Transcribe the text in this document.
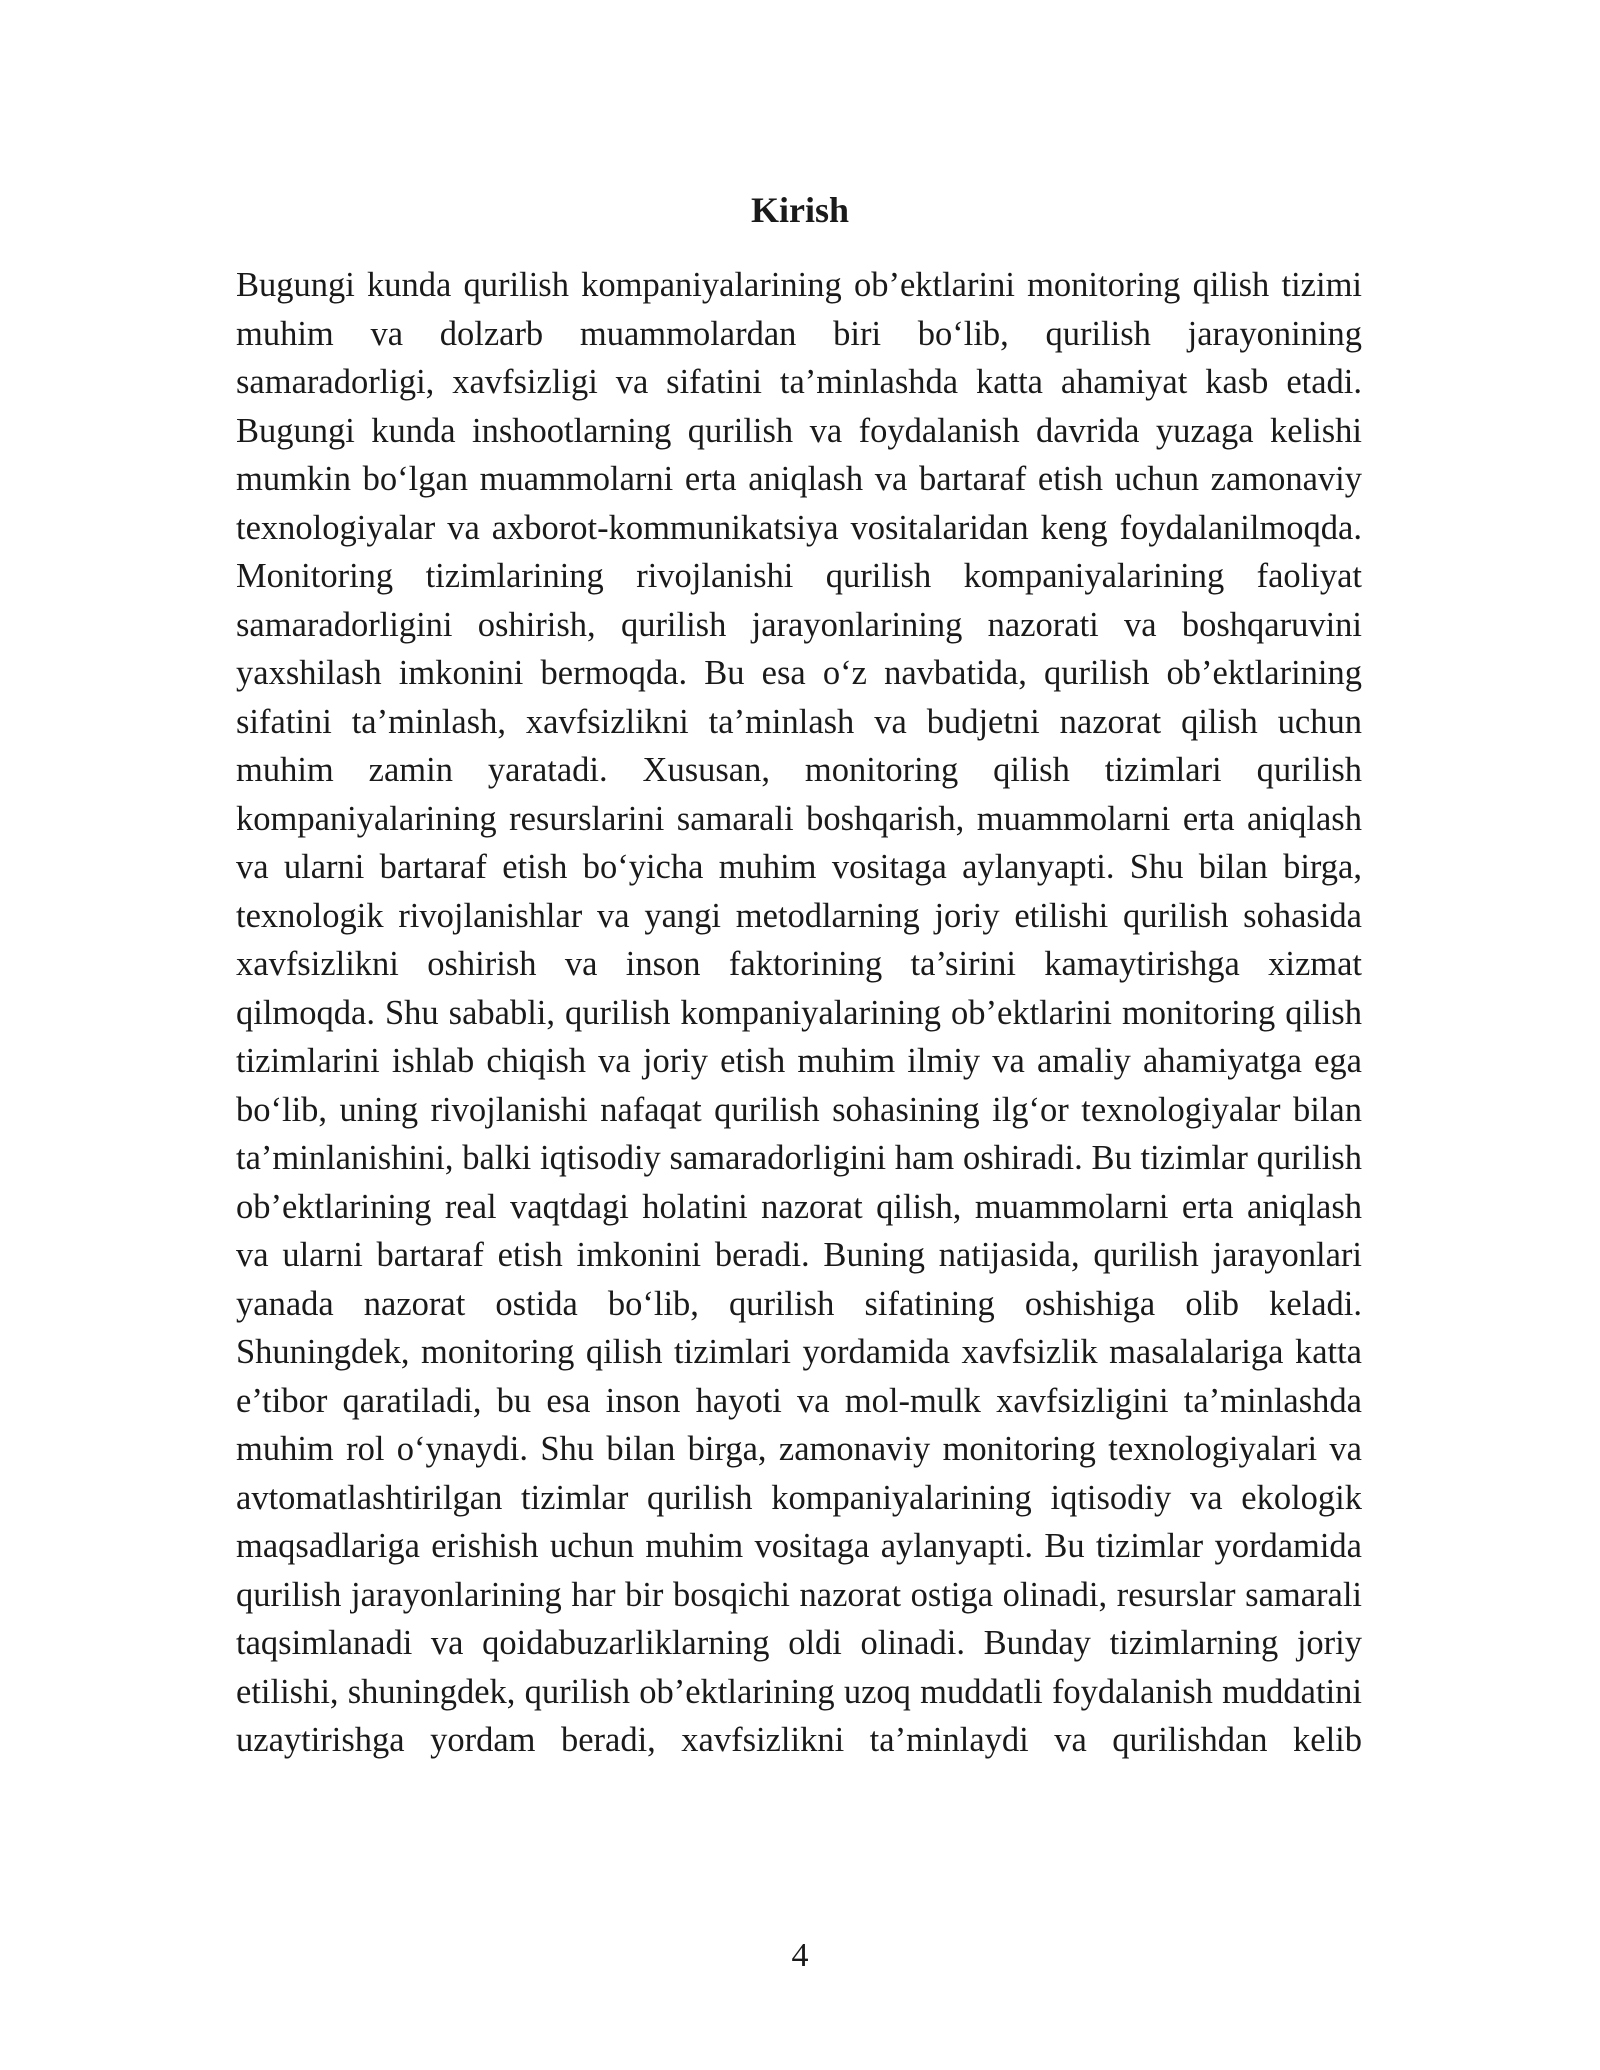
Kirish

Bugungi kunda qurilish kompaniyalarining ob’ektlarini monitoring qilish tizimi muhim va dolzarb muammolardan biri bo‘lib, qurilish jarayonining samaradorligi, xavfsizligi va sifatini ta’minlashda katta ahamiyat kasb etadi. Bugungi kunda inshootlarning qurilish va foydalanish davrida yuzaga kelishi mumkin bo‘lgan muammolarni erta aniqlash va bartaraf etish uchun zamonaviy texnologiyalar va axborot-kommunikatsiya vositalaridan keng foydalanilmoqda. Monitoring tizimlarining rivojlanishi qurilish kompaniyalarining faoliyat samaradorligini oshirish, qurilish jarayonlarining nazorati va boshqaruvini yaxshilash imkonini bermoqda. Bu esa o‘z navbatida, qurilish ob’ektlarining sifatini ta’minlash, xavfsizlikni ta’minlash va budjetni nazorat qilish uchun muhim zamin yaratadi. Xususan, monitoring qilish tizimlari qurilish kompaniyalarining resurslarini samarali boshqarish, muammolarni erta aniqlash va ularni bartaraf etish bo‘yicha muhim vositaga aylanyapti. Shu bilan birga, texnologik rivojlanishlar va yangi metodlarning joriy etilishi qurilish sohasida xavfsizlikni oshirish va inson faktorining ta’sirini kamaytirishga xizmat qilmoqda. Shu sababli, qurilish kompaniyalarining ob’ektlarini monitoring qilish tizimlarini ishlab chiqish va joriy etish muhim ilmiy va amaliy ahamiyatga ega bo‘lib, uning rivojlanishi nafaqat qurilish sohasining ilg‘or texnologiyalar bilan ta’minlanishini, balki iqtisodiy samaradorligini ham oshiradi. Bu tizimlar qurilish ob’ektlarining real vaqtdagi holatini nazorat qilish, muammolarni erta aniqlash va ularni bartaraf etish imkonini beradi. Buning natijasida, qurilish jarayonlari yanada nazorat ostida bo‘lib, qurilish sifatining oshishiga olib keladi. Shuningdek, monitoring qilish tizimlari yordamida xavfsizlik masalalariga katta e’tibor qaratiladi, bu esa inson hayoti va mol-mulk xavfsizligini ta’minlashda muhim rol o‘ynaydi. Shu bilan birga, zamonaviy monitoring texnologiyalari va avtomatlashtirilgan tizimlar qurilish kompaniyalarining iqtisodiy va ekologik maqsadlariga erishish uchun muhim vositaga aylanyapti. Bu tizimlar yordamida qurilish jarayonlarining har bir bosqichi nazorat ostiga olinadi, resurslar samarali taqsimlanadi va qoidabuzarliklarning oldi olinadi. Bunday tizimlarning joriy etilishi, shuningdek, qurilish ob’ektlarining uzoq muddatli foydalanish muddatini uzaytirishga yordam beradi, xavfsizlikni ta’minlaydi va qurilishdan kelib

4
